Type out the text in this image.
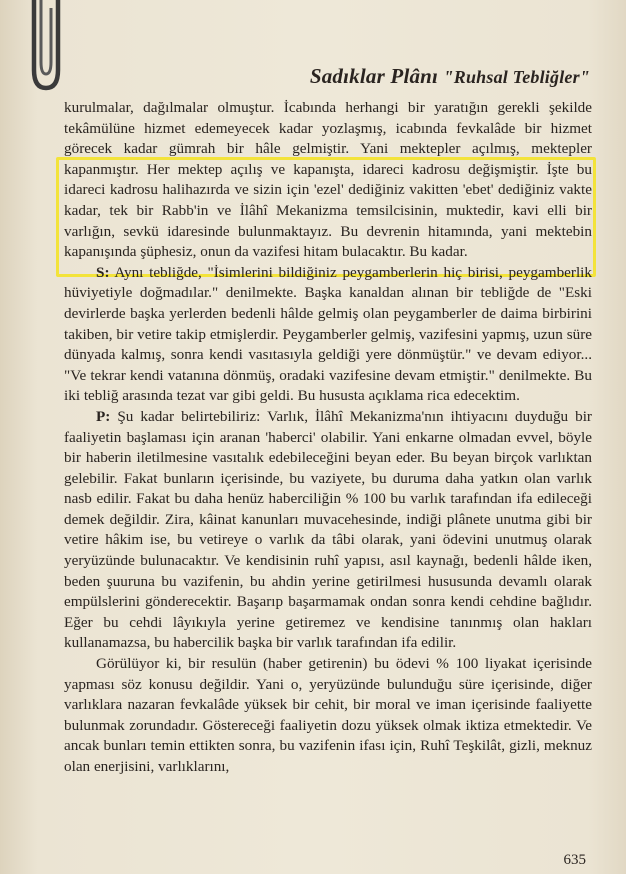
Sadıklar Plânı "Ruhsal Tebliğler"

kurulmalar, dağılmalar olmuştur. İcabında herhangi bir yaratığın gerekli şekilde tekâmülüne hizmet edemeyecek kadar yozlaşmış, icabında fevkalâde bir hizmet görecek kadar gümrah bir hâle gelmiştir. Yani mektepler açılmış, mektepler kapanmıştır. Her mektep açılış ve kapanışta, idareci kadrosu değişmiştir. İşte bu idareci kadrosu halihazırda ve sizin için 'ezel' dediğiniz vakitten 'ebet' dediğiniz vakte kadar, tek bir Rabb'in ve İlâhî Mekanizma temsilcisinin, muktedir, kavi elli bir varlığın, sevkü idaresinde bulunmaktayız. Bu devrenin hitamında, yani mektebin kapanışında şüphesiz, onun da vazifesi hitam bulacaktır. Bu kadar.

S: Aynı tebliğde, "İsimlerini bildiğiniz peygamberlerin hiç birisi, peygamberlik hüviyetiyle doğmadılar." denilmekte. Başka kanaldan alınan bir tebliğde de "Eski devirlerde başka yerlerden bedenli hâlde gelmiş olan peygamberler de daima birbirini takiben, bir vetire takip etmişlerdir. Peygamberler gelmiş, vazifesini yapmış, uzun süre dünyada kalmış, sonra kendi vasıtasıyla geldiği yere dönmüştür." ve devam ediyor... "Ve tekrar kendi vatanına dönmüş, oradaki vazifesine devam etmiştir." denilmekte. Bu iki tebliğ arasında tezat var gibi geldi. Bu hususta açıklama rica edecektim.

P: Şu kadar belirtebiliriz: Varlık, İlâhî Mekanizma'nın ihtiyacını duyduğu bir faaliyetin başlaması için aranan 'haberci' olabilir. Yani enkarne olmadan evvel, böyle bir haberin iletilmesine vasıtalık edebileceğini beyan eder. Bu beyan birçok varlıktan gelebilir. Fakat bunların içerisinde, bu vaziyete, bu duruma daha yatkın olan varlık nasb edilir. Fakat bu daha henüz haberciliğin % 100 bu varlık tarafından ifa edileceği demek değildir. Zira, kâinat kanunları muvacehesinde, indiği plânete unutma gibi bir vetire hâkim ise, bu vetireye o varlık da tâbi olarak, yani ödevini unutmuş olarak yeryüzünde bulunacaktır. Ve kendisinin ruhî yapısı, asıl kaynağı, bedenli hâlde iken, beden şuuruna bu vazifenin, bu ahdin yerine getirilmesi hususunda devamlı olarak empülslerini gönderecektir. Başarıp başarmamak ondan sonra kendi cehdine bağlıdır. Eğer bu cehdi lâyıkıyla yerine getiremez ve kendisine tanınmış olan hakları kullanamazsa, bu habercilik başka bir varlık tarafından ifa edilir.

Görülüyor ki, bir resulün (haber getirenin) bu ödevi % 100 liyakat içerisinde yapması söz konusu değildir. Yani o, yeryüzünde bulunduğu süre içerisinde, diğer varlıklara nazaran fevkalâde yüksek bir cehit, bir moral ve iman içerisinde faaliyette bulunmak zorundadır. Göstereceği faaliyetin dozu yüksek olmak iktiza etmektedir. Ve ancak bunları temin ettikten sonra, bu vazifenin ifası için, Ruhî Teşkilât, gizli, meknuz olan enerjisini, varlıklarını,

635
